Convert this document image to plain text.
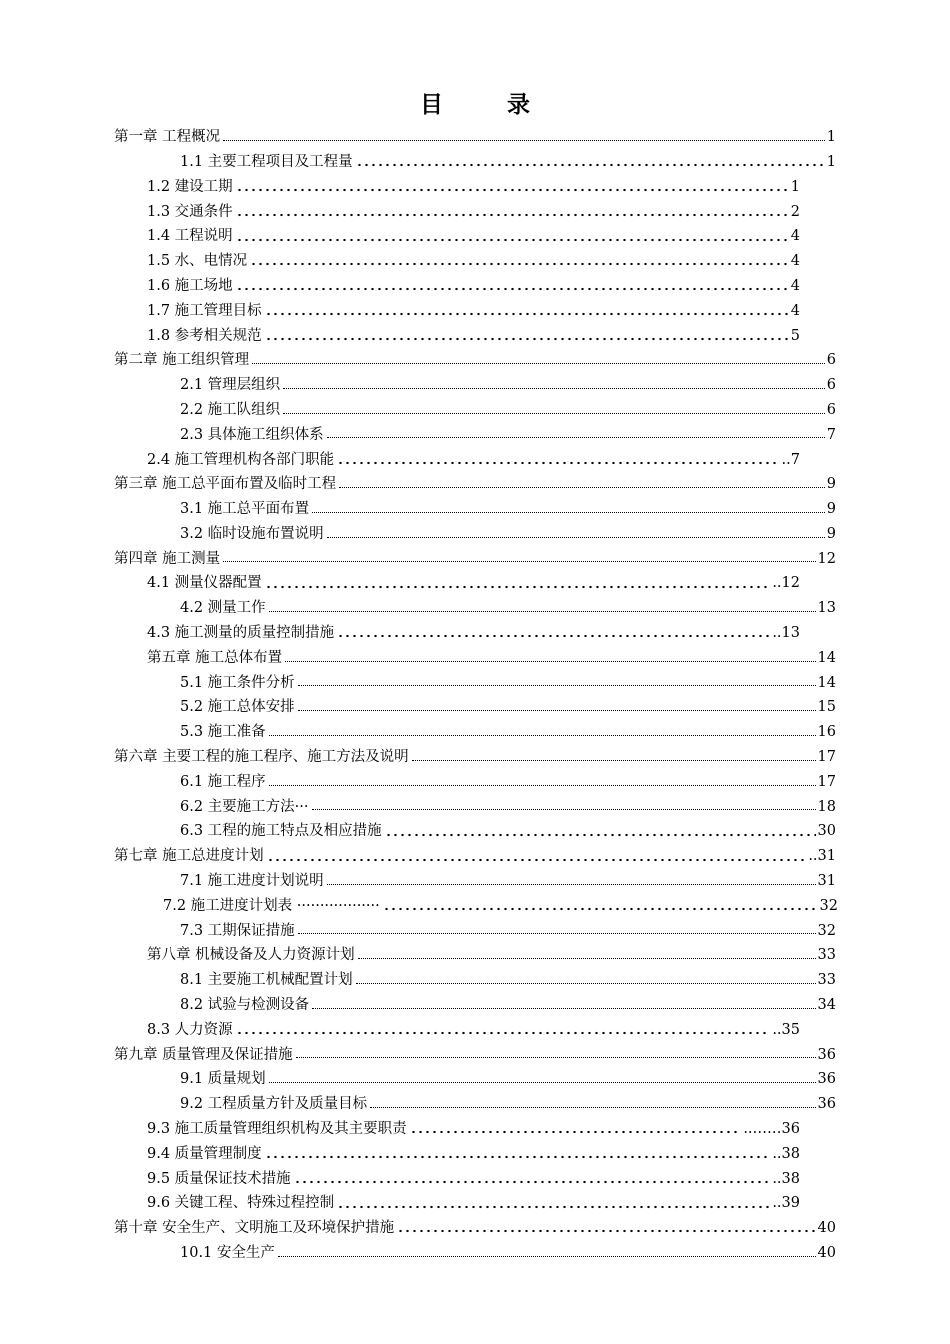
目 录
第一章 工程概况	1
1.1 主要工程项目及工程量	1
1.2 建设工期	1
1.3 交通条件	2
1.4 工程说明	4
1.5 水、电情况	4
1.6 施工场地	4
1.7 施工管理目标	4
1.8 参考相关规范	5
第二章 施工组织管理	6
2.1 管理层组织	6
2.2 施工队组织	6
2.3 具体施工组织体系	7
2.4 施工管理机构各部门职能	..7
第三章 施工总平面布置及临时工程	9
3.1 施工总平面布置	9
3.2 临时设施布置说明	9
第四章 施工测量	12
4.1 测量仪器配置	..12
4.2 测量工作	13
4.3 施工测量的质量控制措施	..13
第五章 施工总体布置	14
5.1 施工条件分析	14
5.2 施工总体安排	15
5.3 施工准备	16
第六章 主要工程的施工程序、施工方法及说明	17
6.1 施工程序	17
6.2 主要施工方法···	18
6.3 工程的施工特点及相应措施	30
第七章 施工总进度计划	..31
7.1 施工进度计划说明	31
7.2 施工进度计划表 ··················	32
7.3 工期保证措施	32
第八章 机械设备及人力资源计划	33
8.1 主要施工机械配置计划	33
8.2 试验与检测设备	34
8.3 人力资源	..35
第九章 质量管理及保证措施	36
9.1 质量规划	36
9.2 工程质量方针及质量目标	36
9.3 施工质量管理组织机构及其主要职责	..……36
9.4 质量管理制度	..38
9.5 质量保证技术措施	..38
9.6 关键工程、特殊过程控制	..39
第十章 安全生产、文明施工及环境保护措施	40
10.1 安全生产	40
